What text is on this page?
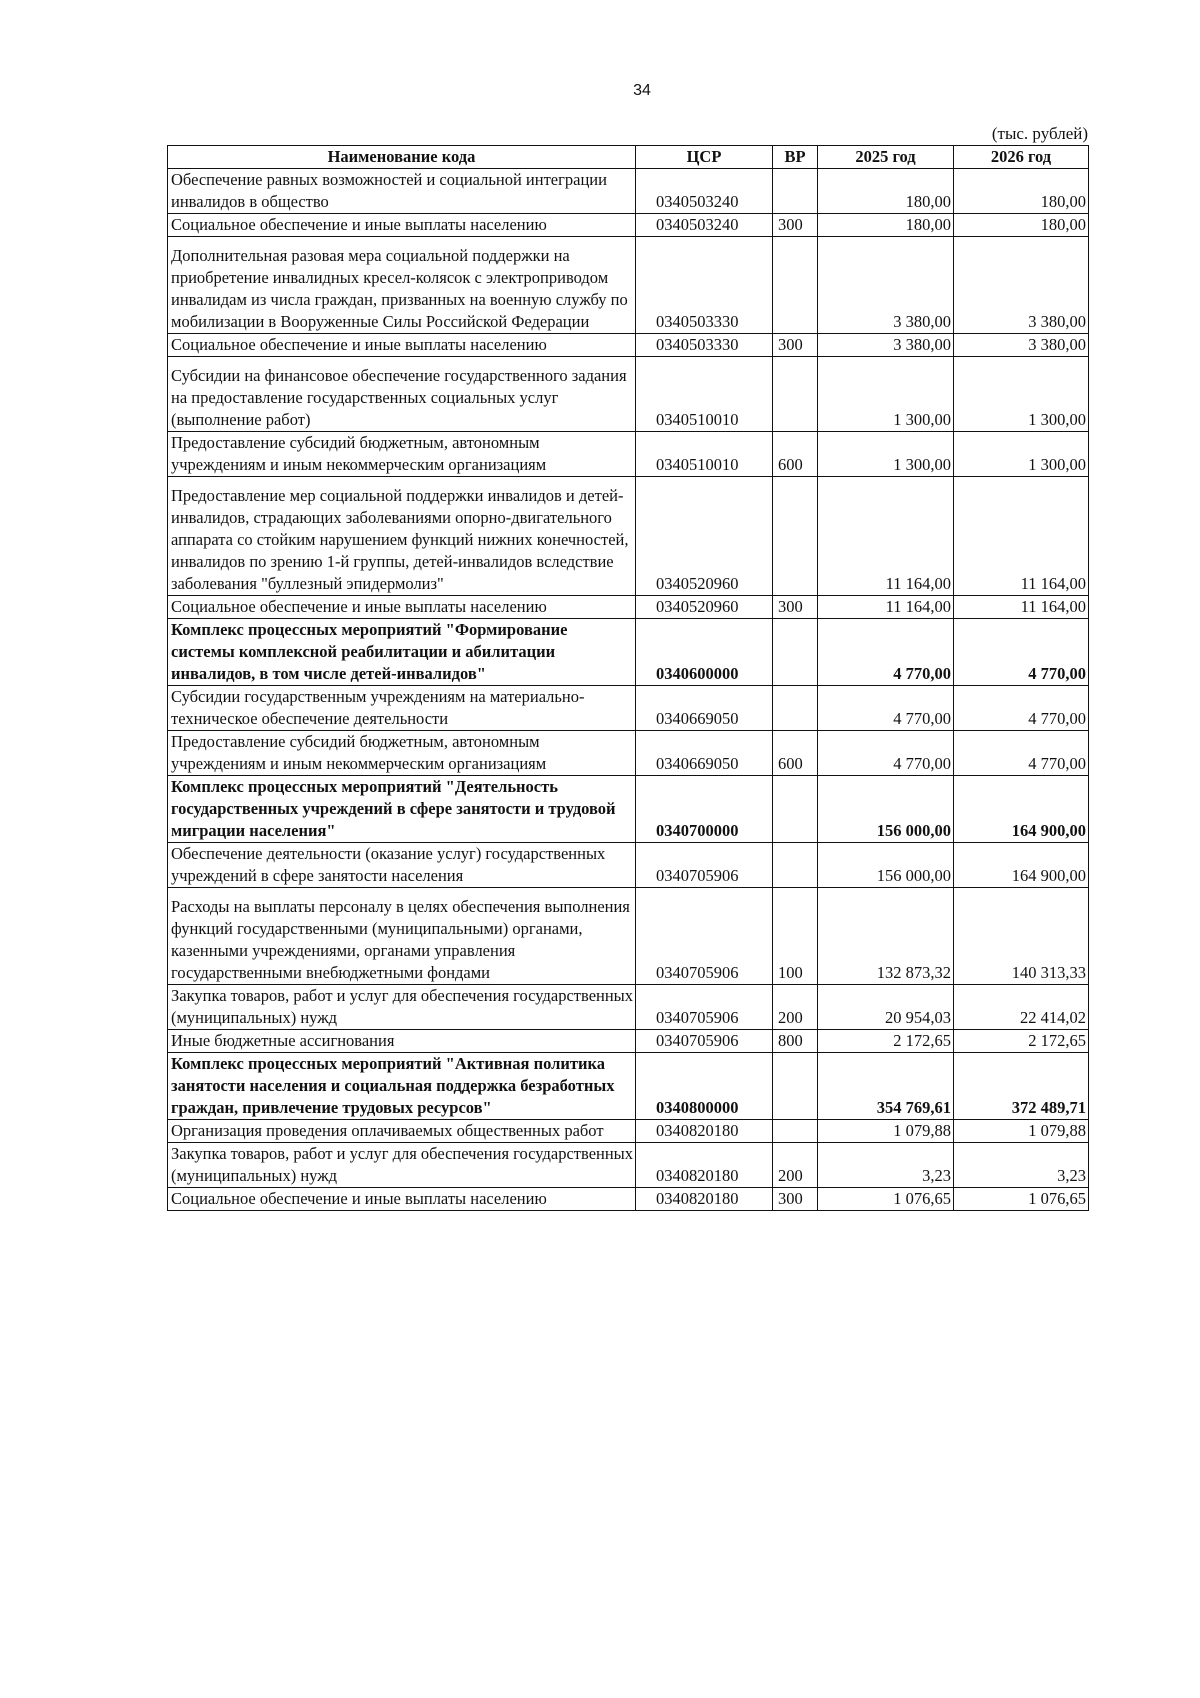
34
(тыс. рублей)
Наименование кода	ЦСР	ВР	2025 год	2026 год
Обеспечение равных возможностей и социальной интеграции инвалидов в общество	0340503240		180,00	180,00
Социальное обеспечение и иные выплаты населению	0340503240	300	180,00	180,00
Дополнительная разовая мера социальной поддержки на приобретение инвалидных кресел-колясок с электроприводом инвалидам из числа граждан, призванных на военную службу по мобилизации в Вооруженные Силы Российской Федерации	0340503330		3 380,00	3 380,00
Социальное обеспечение и иные выплаты населению	0340503330	300	3 380,00	3 380,00
Субсидии на финансовое обеспечение государственного задания на предоставление государственных социальных услуг (выполнение работ)	0340510010		1 300,00	1 300,00
Предоставление субсидий бюджетным, автономным учреждениям и иным некоммерческим организациям	0340510010	600	1 300,00	1 300,00
Предоставление мер социальной поддержки инвалидов и детей-инвалидов, страдающих заболеваниями опорно-двигательного аппарата со стойким нарушением функций нижних конечностей, инвалидов по зрению 1-й группы, детей-инвалидов вследствие заболевания "буллезный эпидермолиз"	0340520960		11 164,00	11 164,00
Социальное обеспечение и иные выплаты населению	0340520960	300	11 164,00	11 164,00
Комплекс процессных мероприятий "Формирование системы комплексной реабилитации и абилитации инвалидов, в том числе детей-инвалидов"	0340600000		4 770,00	4 770,00
Субсидии государственным учреждениям на материально-техническое обеспечение деятельности	0340669050		4 770,00	4 770,00
Предоставление субсидий бюджетным, автономным учреждениям и иным некоммерческим организациям	0340669050	600	4 770,00	4 770,00
Комплекс процессных мероприятий "Деятельность государственных учреждений в сфере занятости и трудовой миграции населения"	0340700000		156 000,00	164 900,00
Обеспечение деятельности (оказание услуг) государственных учреждений в сфере занятости населения	0340705906		156 000,00	164 900,00
Расходы на выплаты персоналу в целях обеспечения выполнения функций государственными (муниципальными) органами, казенными учреждениями, органами управления государственными внебюджетными фондами	0340705906	100	132 873,32	140 313,33
Закупка товаров, работ и услуг для обеспечения государственных (муниципальных) нужд	0340705906	200	20 954,03	22 414,02
Иные бюджетные ассигнования	0340705906	800	2 172,65	2 172,65
Комплекс процессных мероприятий "Активная политика занятости населения и социальная поддержка безработных граждан, привлечение трудовых ресурсов"	0340800000		354 769,61	372 489,71
Организация проведения оплачиваемых общественных работ	0340820180		1 079,88	1 079,88
Закупка товаров, работ и услуг для обеспечения государственных (муниципальных) нужд	0340820180	200	3,23	3,23
Социальное обеспечение и иные выплаты населению	0340820180	300	1 076,65	1 076,65
